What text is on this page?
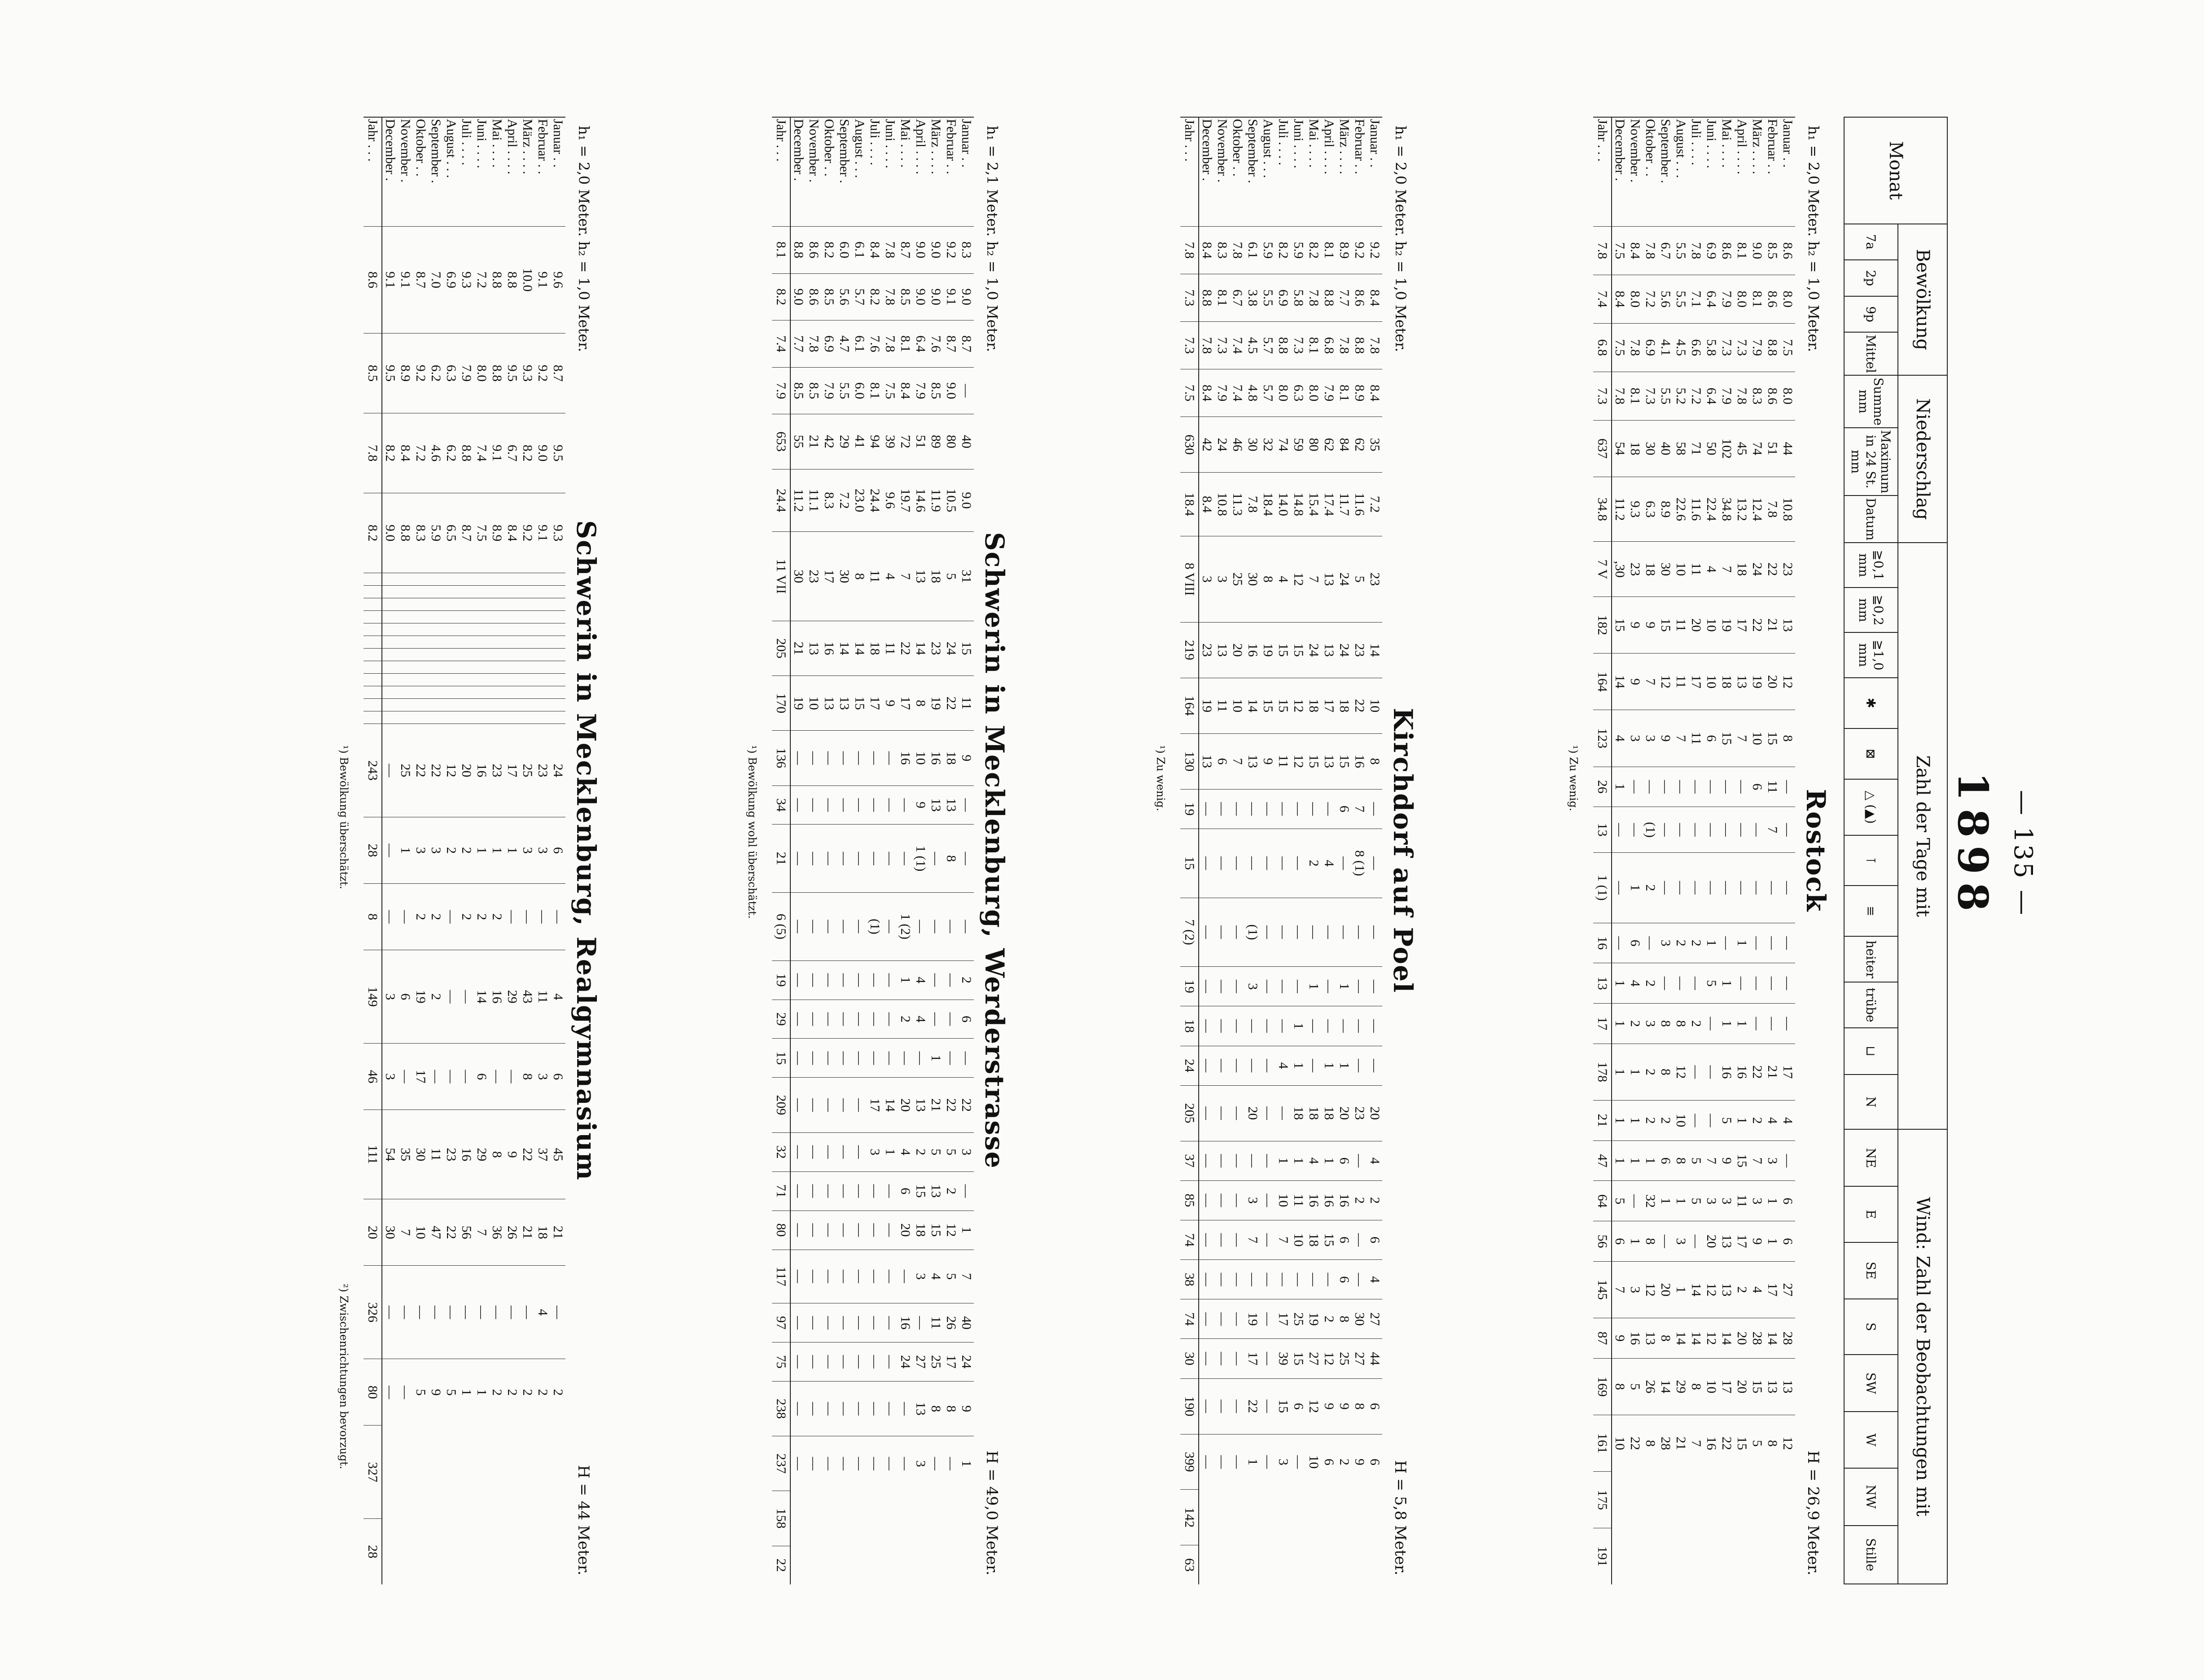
— 135 —
1898
Monat	Bewölkung				Niederschlag			Zahl der Tage mit												Wind: Zahl der Beobachtungen mit							
	7a	2p	9p	Mittel	Summe mm	Maximum in 24 St. mm	Datum	≧0,1 mm	≧0,2 mm	≧1,0 mm	✱	⊠	△ (▲)	⊺	≡	heiter	trübe	⊔	N	NE	E	SE	S	SW	W	NW	Stille
Rostock
H = 26,9 Meter.
h₁ = 2,0 Meter. h₂ = 1,0 Meter.
Januar . .	8.6	8.0	7.5	8.0	44	10.8	23	13	12	8	—	—	—	—	—	—	17	4	—	6	6	27	28	13	12		
Februar . .	8.5	8.6	8.8	8.6	51	7.8	22	21	20	15	11	7	—	—	—	—	21	4	3	1	1	17	14	13	8		
März . . . .	9.0	8.1	7.9	8.3	74	12.4	24	22	19	10	6	—	—	—	—	—	22	2	7	3	9	4	28	15	5		
April . . . .	8.1	8.0	7.3	7.8	45	13.2	18	17	13	7	—	—	—	1	—	1	16	1	15	11	17	2	20	20	15		
Mai . . . .	8.6	7.9	7.3	7.9	102	34.8	7	19	18	15	—	—	—	—	1	1	16	5	9	3	13	13	14	17	22		
Juni . . . .	6.9	6.4	5.8	6.4	50	22.4	4	10	10	6	—	—	—	1	5	—	—	—	7	3	20	12	12	10	16		
Juli . . . .	7.8	7.1	6.6	7.2	71	11.6	11	20	17	11	—	—	—	2	—	2	—	—	5	5	—	14	14	8	7		
August . . .	5.5	5.5	4.5	5.2	58	22.6	10	11	11	7	—	—	—	2	—	8	12	10	8	1	3	1	14	29	21		
September .	6.7	5.6	4.1	5.5	40	8.9	30	15	12	9	—	—	—	3	—	8	8	2	6	1	—	20	8	14	28		
Oktober . .	7.8	7.2	6.9	7.3	30	6.3	18	9	7	3	—	(1)	2	—	2	3	2	2	1	32	8	12	13	26	8		
November .	8.4	8.0	7.8	8.1	18	9.3	23	9	9	3	—	—	1	6	4	2	1	1	1	—	1	3	16	5	22		
December .	7.5	8.4	7.5	7.8	54	11.2	,30	15	14	4	1	—	—	—	1	1	1	1	1	5	6	7	9	8	10		
Jahr . . .	7.8	7.4	6.8	7.3	637	34.8	7 V	182	164	123	26	13	1 (1)	16	13	17	178	21	47	64	56	145	87	169	161	175	191
¹) Zu wenig.
Kirchdorf auf Poel
H = 5,8 Meter.
h₁ = 2,0 Meter. h₂ = 1,0 Meter.
Januar . .	9.2	8.4	7.8	8.4	35	7.2	23	14	10	8	—	—	—	—	—	—	20	4	2	6	4	27	44	6	6		
Februar . .	9.2	8.6	8.8	8.9	62	11.6	5	23	22	16	7	8 (1)	—	—	—	—	23	—	2	—	—	30	27	8	9		
März . . . .	8.9	7.7	7.8	8.1	84	11.7	24	24	18	15	6	—	—	1	—	1	20	6	16	6	6	8	25	9	2		
April . . . .	8.1	8.8	6.8	7.9	62	17.4	13	13	17	13	—	4	—	—	—	1	18	1	16	15	—	2	12	9	6		
Mai . . . .	8.2	7.8	8.1	8.0	80	15.4	7	24	18	15	—	2	—	1	—	—	18	4	16	18	—	19	27	12	10		
Juni . . . .	5.9	5.8	7.3	6.3	59	14.8	12	15	12	12	—	—	—	—	1	1	18	1	11	10	—	25	15	6	—		
Juli . . . .	8.2	6.9	8.8	8.0	74	14.0	4	15	15	11	—	—	—	—	—	4	—	1	10	7	—	17	39	15	3		
August . . .	5.9	5.5	5.7	5.7	32	18.4	8	19	15	9	—	—	—	—	—	—	—	—	—	—	—	—	—	—	—		
September .	6.1	3.8	4.5	4.8	30	7.8	30	16	14	13	—	—	(1)	3	—	—	20	—	3	7	—	19	17	22	1		
Oktober . .	7.8	6.7	7.4	7.4	46	11.3	25	20	10	7	—	—	—	—	—	—	—	—	—	—	—	—	—	—	—		
November .	8.3	8.1	7.3	7.9	24	10.8	3	13	11	6	—	—	—	—	—	—	—	—	—	—	—	—	—	—	—		
December .	8.4	8.8	7.8	8.4	42	8.4	3	23	19	13	—	—	—	—	—	—	—	—	—	—	—	—	—	—	—		
Jahr . . .	7.8	7.3	7.3	7.5	630	18.4	8 VIII	219	164	130	19	15	7 (2)	19	18	24	205	37	85	74	38	74	30	190	399	142	63
¹) Zu wenig.
Schwerin in Mecklenburg, Werderstrasse
H = 49,0 Meter.
h₁ = 2,1 Meter. h₂ = 1,0 Meter.
Januar . .	8.3	9.0	8.7	—	40	9.0	31	15	11	9	—	—	—	2	6	—	22	3	—	1	7	40	24	9	1		
Februar . .	9.2	9.1	8.7	9.0	80	10.5	5	24	22	18	13	8	—	—	—	—	22	5	2	12	5	26	17	8	—		
März . . . .	9.0	9.0	7.6	8.5	89	11.9	18	23	19	16	13	—	—	—	—	1	21	5	13	15	4	11	25	8	—		
April . . . .	9.0	9.0	6.4	7.9	51	14.6	13	14	8	10	9	1 (1)	—	4	4	—	13	2	15	18	3	—	27	13	3		
Mai . . . .	8.7	8.5	8.1	8.4	72	19.7	7	22	17	16	—	—	1 (2)	1	2	—	20	4	6	20	—	16	24	—	—		
Juni . . . .	7.8	7.8	7.8	7.5	39	9.6	4	11	9	—	—	—	—	—	—	—	14	1	—	—	—	—	—	—	—		
Juli . . . .	8.4	8.2	7.6	8.1	94	24.4	11	18	17	—	—	—	(1)	—	—	—	17	3	—	—	—	—	—	—	—		
August . . .	6.1	5.7	6.1	6.0	41	23.0	8	14	15	—	—	—	—	—	—	—	—	—	—	—	—	—	—	—	—		
September .	6.0	5.6	4.7	5.5	29	7.2	30	14	13	—	—	—	—	—	—	—	—	—	—	—	—	—	—	—	—		
Oktober . .	8.2	8.5	6.9	7.9	42	8.3	17	16	13	—	—	—	—	—	—	—	—	—	—	—	—	—	—	—	—		
November .	8.6	8.6	7.8	8.5	21	11.1	23	13	10	—	—	—	—	—	—	—	—	—	—	—	—	—	—	—	—		
December .	8.8	9.0	7.7	8.5	55	11.2	30	21	19	—	—	—	—	—	—	—	—	—	—	—	—	—	—	—	—		
Jahr . . .	8.1	8.2	7.4	7.9	653	24.4	11 VII	205	170	136	34	21	6 (5)	19	29	15	209	32	71	80	117	97	75	238	237	158	22
¹) Bewölkung wohl überschätzt.
Schwerin in Mecklenburg, Realgymnasium
H = 44 Meter.
h₁ = 2,0 Meter. h₂ = 1,0 Meter.
Januar . .	9.6	8.7	9.5	9.3													24	6	—	4	6	45	21	—	2		
Februar . .	9.1	9.2	9.0	9.1													23	3	—	11	3	37	18	4	2		
März . . . .	10.0	9.3	8.2	9.2													25	3	—	43	8	22	21	—	2		
April . . . .	8.8	9.5	6.7	8.4													17	1	—	29	—	9	26	—	2		
Mai . . . .	8.8	8.8	9.1	8.9													23	1	2	16	—	8	36	—	2		
Juni . . . .	7.2	8.0	7.4	7.5													16	1	2	14	6	29	7	—	1		
Juli . . . .	9.3	7.9	8.8	8.7													20	2	2	—	—	16	56	—	1		
August . . .	6.9	6.3	6.2	6.5													12	2	—	—	—	23	22	—	5		
September .	7.0	6.2	4.6	5.9													22	3	2	2	—	11	47	—	9		
Oktober . .	8.7	9.2	7.2	8.3													22	3	2	19	17	30	10	—	5		
November .	9.1	8.9	8.4	8.8													25	1	—	6	—	35	7	—	—		
December .	9.1	9.5	8.2	9.0													—	—	—	3	3	54	30	—	—		
Jahr . . .	8.6	8.5	7.8	8.2													243	28	8	149	46	111	20	326	80	327	28
¹) Bewölkung überschätzt.
²) Zwischenrichtungen bevorzugt.
